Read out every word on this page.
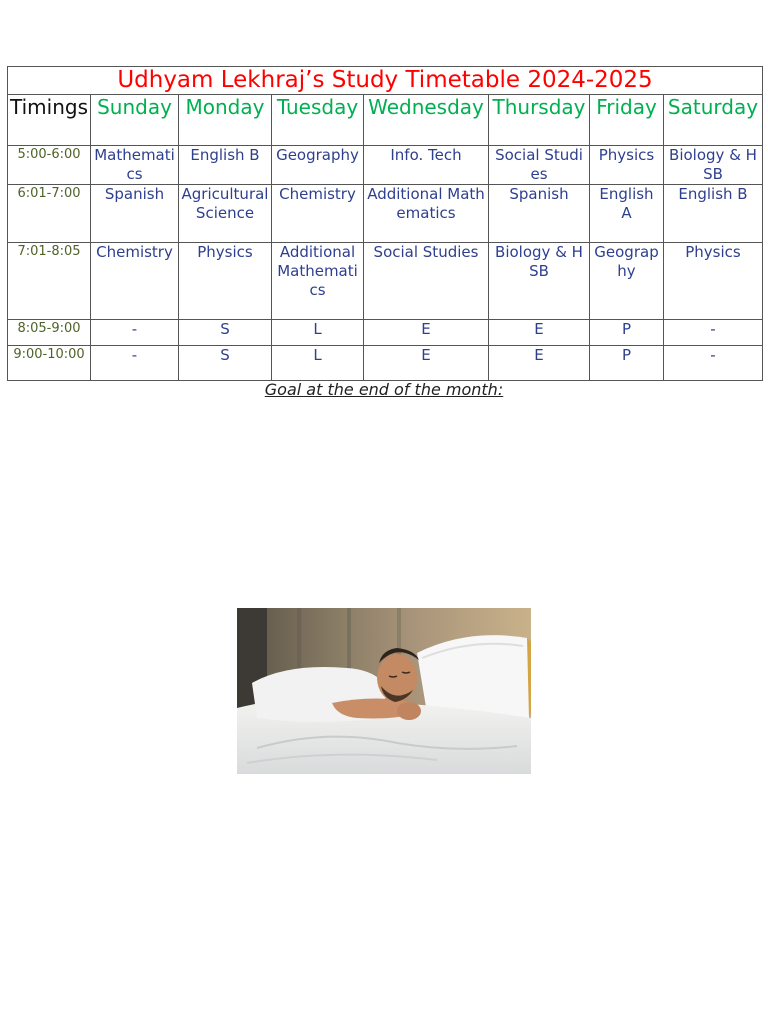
Udhyam Lekhraj’s Study Timetable 2024-2025							
Timings	Sunday	Monday	Tuesday	Wednesday	Thursday	Friday	Saturday
5:00-6:00	Mathematics	English B	Geography	Info. Tech	Social Studies	Physics	Biology & HSB
6:01-7:00	Spanish	Agricultural Science	Chemistry	Additional Mathematics	Spanish	English A	English B
7:01-8:05	Chemistry	Physics	Additional Mathematics	Social Studies	Biology & HSB	Geography	Physics
8:05-9:00	-	S	L	E	E	P	-
9:00-10:00	-	S	L	E	E	P	-
Goal at the end of the month:
